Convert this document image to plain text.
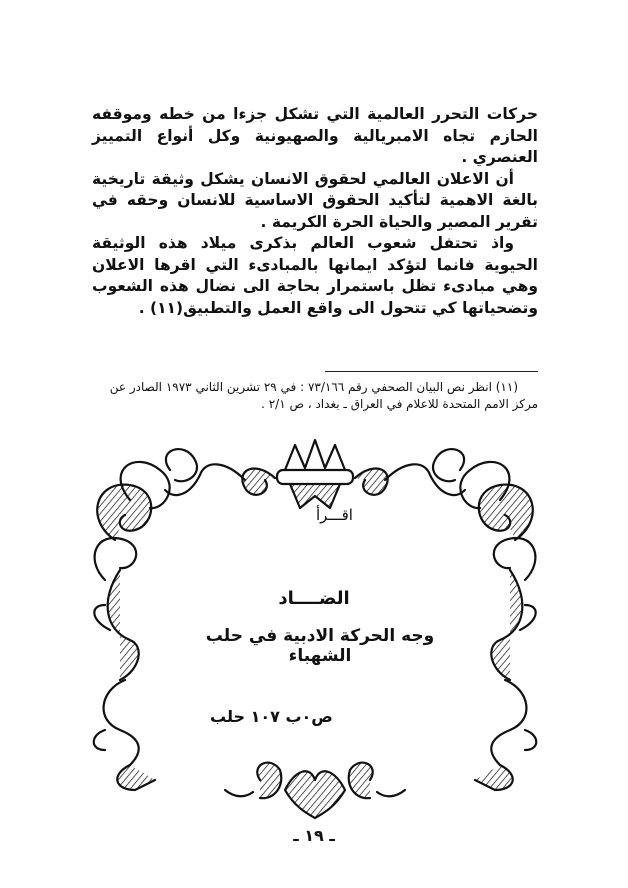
حركات التحرر العالمية التي تشكل جزءا من خطه وموقفه الحازم تجاه الامبريالية والصهيونية وكل أنواع التمييز العنصري .

أن الاعلان العالمي لحقوق الانسان يشكل وثيقة تاريخية بالغة الاهمية لتأكيد الحقوق الاساسية للانسان وحقه في تقرير المصير والحياة الحرة الكريمة .

واذ تحتفل شعوب العالم بذكرى ميلاد هذه الوثيقة الحيوية فانما لتؤكد ايمانها بالمبادىء التي اقرها الاعلان وهي مبادىء تظل باستمرار بحاجة الى نضال هذه الشعوب وتضحياتها كي تتحول الى واقع العمل والتطبيق(١١) .

(١١) انظر نص البيان الصحفي رقم ٧٣/١٦٦ : في ٢٩ تشرين الثاني ١٩٧٣ الصادر عن

مركز الامم المتحدة للاعلام في العراق ـ بغداد ، ص ٢/١ .

اقـــرأ
الضــــاد
وجه الحركة الادبية في حلب الشهباء
ص٠ب ١٠٧ حلب
ـ ١٩ ـ
